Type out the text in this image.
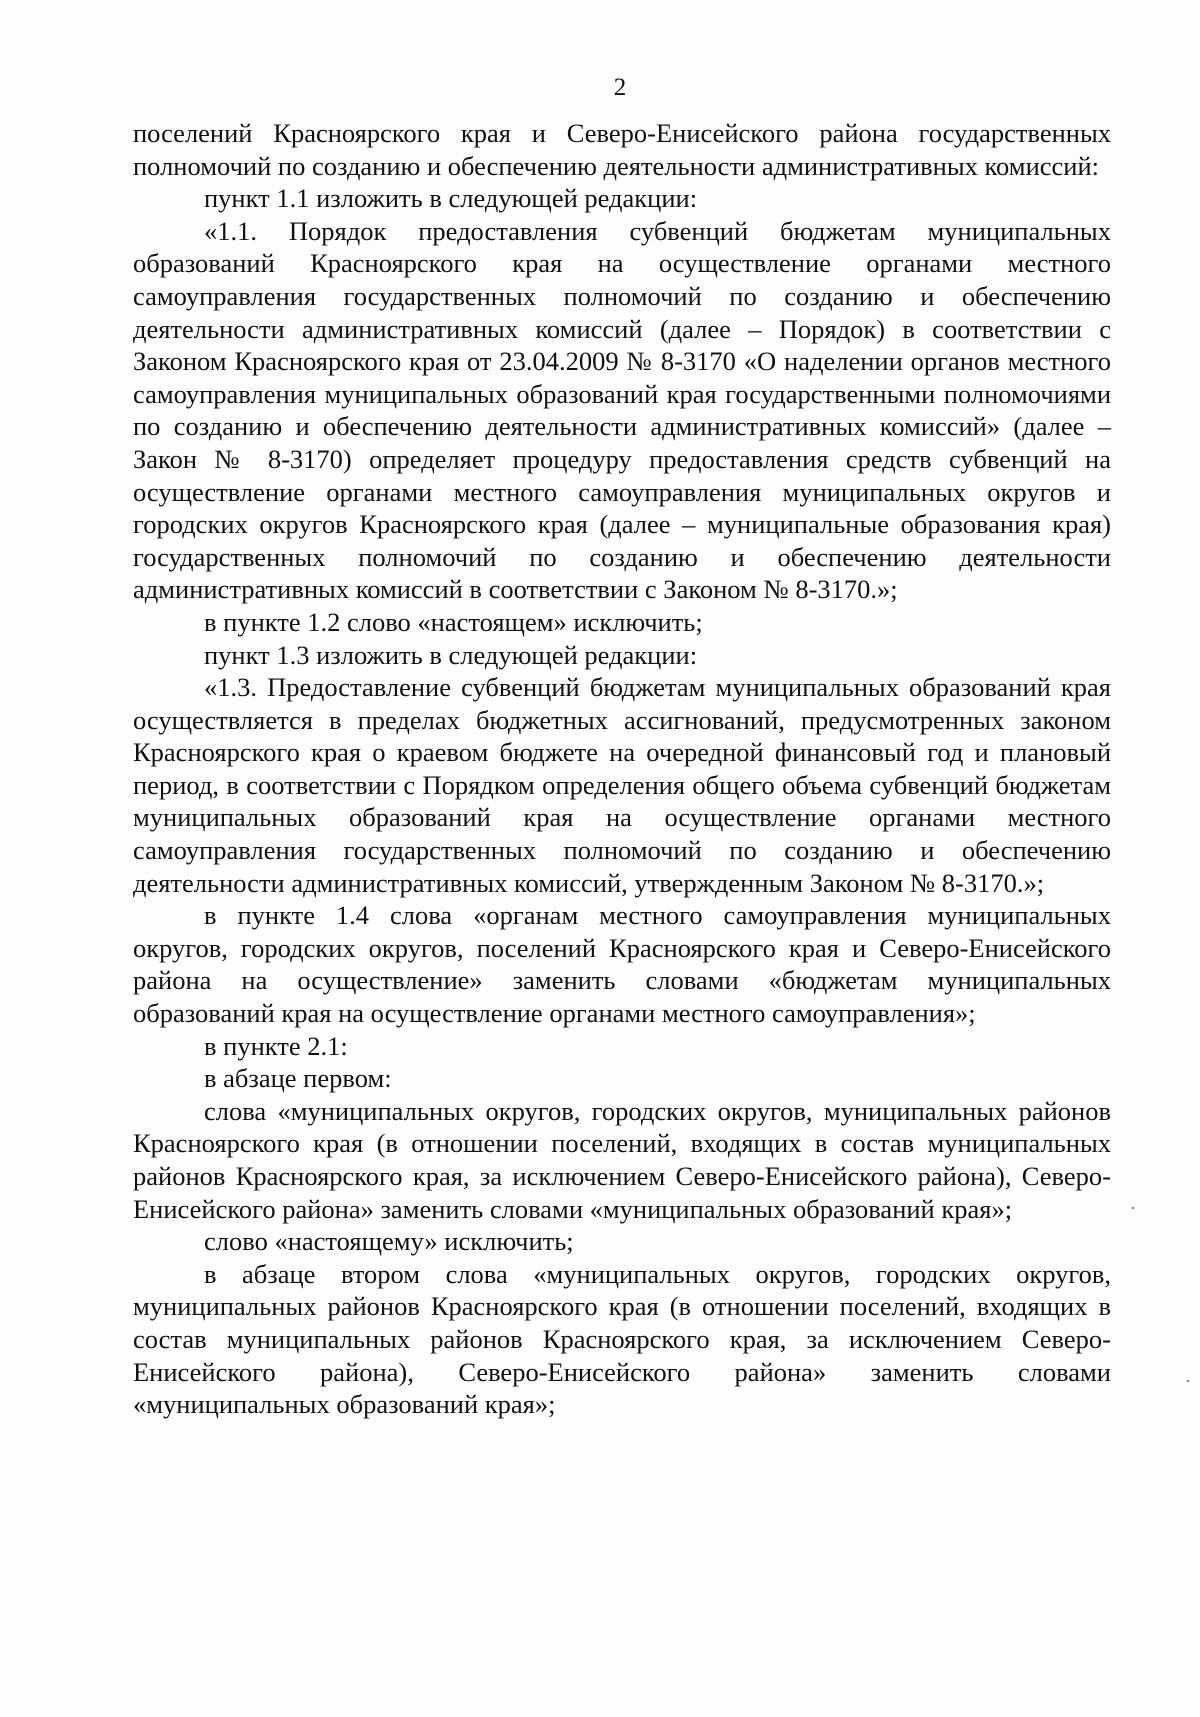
2

поселений Красноярского края и Северо-Енисейского района государственных полномочий по созданию и обеспечению деятельности административных комиссий:

пункт 1.1 изложить в следующей редакции:

«1.1. Порядок предоставления субвенций бюджетам муниципальных образований Красноярского края на осуществление органами местного самоуправления государственных полномочий по созданию и обеспечению деятельности административных комиссий (далее – Порядок) в соответствии с Законом Красноярского края от 23.04.2009 № 8-3170 «О наделении органов местного самоуправления муниципальных образований края государственными полномочиями по созданию и обеспечению деятельности административных комиссий» (далее – Закон № 8-3170) определяет процедуру предоставления средств субвенций на осуществление органами местного самоуправления муниципальных округов и городских округов Красноярского края (далее – муниципальные образования края) государственных полномочий по созданию и обеспечению деятельности административных комиссий в соответствии с Законом № 8-3170.»;

в пункте 1.2 слово «настоящем» исключить;

пункт 1.3 изложить в следующей редакции:

«1.3. Предоставление субвенций бюджетам муниципальных образований края осуществляется в пределах бюджетных ассигнований, предусмотренных законом Красноярского края о краевом бюджете на очередной финансовый год и плановый период, в соответствии с Порядком определения общего объема субвенций бюджетам муниципальных образований края на осуществление органами местного самоуправления государственных полномочий по созданию и обеспечению деятельности административных комиссий, утвержденным Законом № 8-3170.»;

в пункте 1.4 слова «органам местного самоуправления муниципальных округов, городских округов, поселений Красноярского края и Северо-Енисейского района на осуществление» заменить словами «бюджетам муниципальных образований края на осуществление органами местного самоуправления»;

в пункте 2.1:

в абзаце первом:

слова «муниципальных округов, городских округов, муниципальных районов Красноярского края (в отношении поселений, входящих в состав муниципальных районов Красноярского края, за исключением Северо-Енисейского района), Северо-Енисейского района» заменить словами «муниципальных образований края»;

слово «настоящему» исключить;

в абзаце втором слова «муниципальных округов, городских округов, муниципальных районов Красноярского края (в отношении поселений, входящих в состав муниципальных районов Красноярского края, за исключением Северо-Енисейского района), Северо-Енисейского района» заменить словами «муниципальных образований края»;
